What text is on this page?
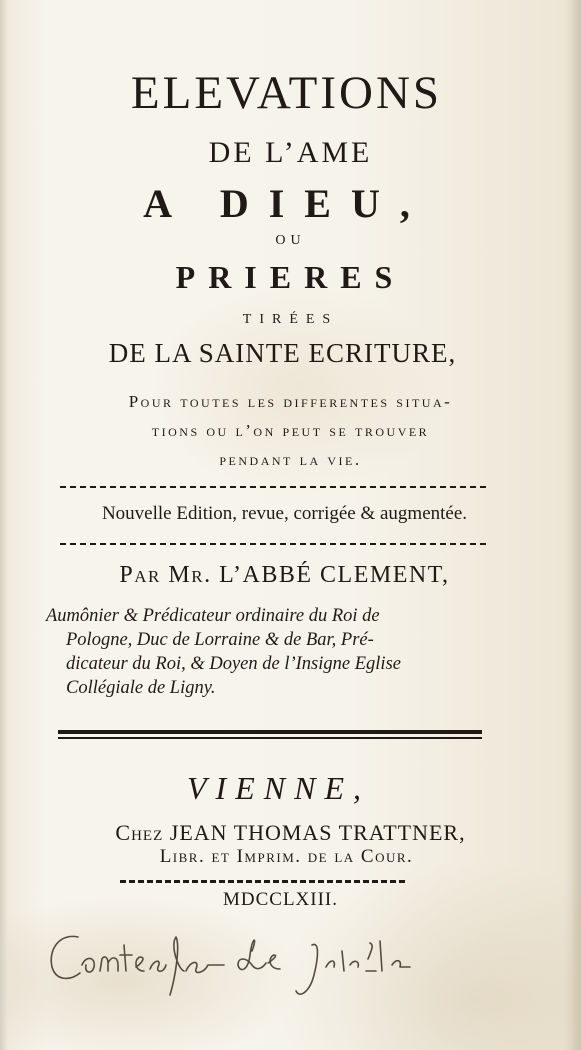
ELEVATIONS
DE L’AME
A DIEU,
OU
PRIERES
TIRÉES
DE LA SAINTE ECRITURE,
Pour toutes les differentes situa-
tions ou l’on peut se trouver
pendant la vie.
Nouvelle Edition, revue, corrigée & augmentée.
Par Mr. L’ABBÉ CLEMENT,
Aumônier & Prédicateur ordinaire du Roi de
Pologne, Duc de Lorraine & de Bar, Pré-
dicateur du Roi, & Doyen de l’Insigne Eglise
Collégiale de Ligny.
VIENNE,
Chez JEAN THOMAS TRATTNER,
Libr. et Imprim. de la Cour.
MDCCLXIII.
